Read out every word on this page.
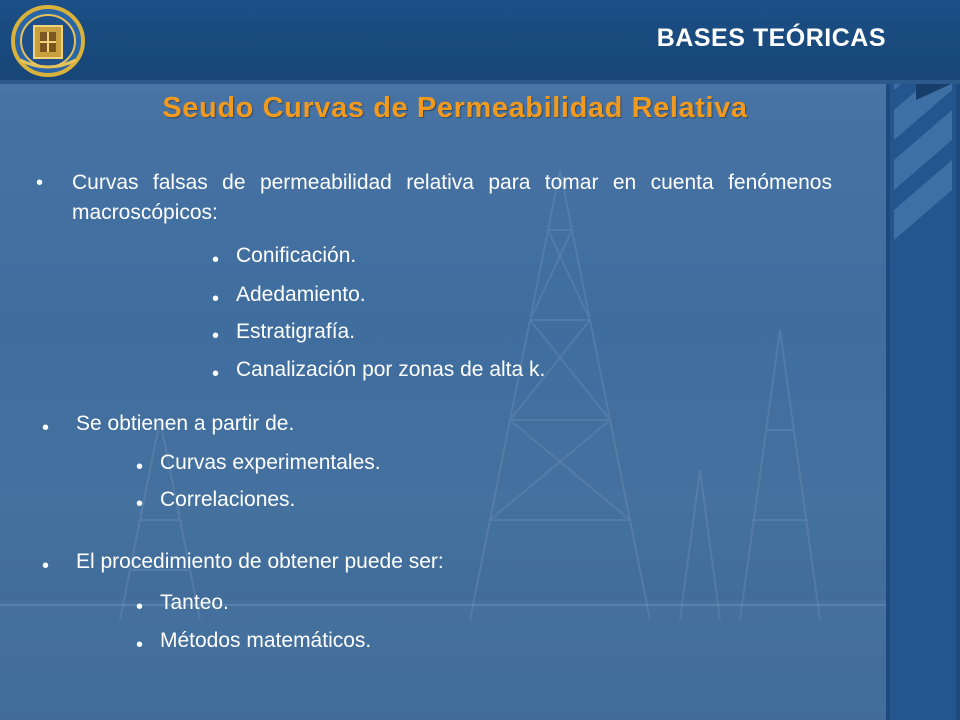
BASES TEÓRICAS
Seudo Curvas de Permeabilidad Relativa
• Curvas falsas de permeabilidad relativa para tomar en cuenta fenómenos macroscópicos:
• Conificación.
• Adedamiento.
• Estratigrafía.
• Canalización por zonas de alta k.
• Se obtienen a partir de.
• Curvas experimentales.
• Correlaciones.
• El procedimiento de obtener puede ser:
• Tanteo.
• Métodos matemáticos.
